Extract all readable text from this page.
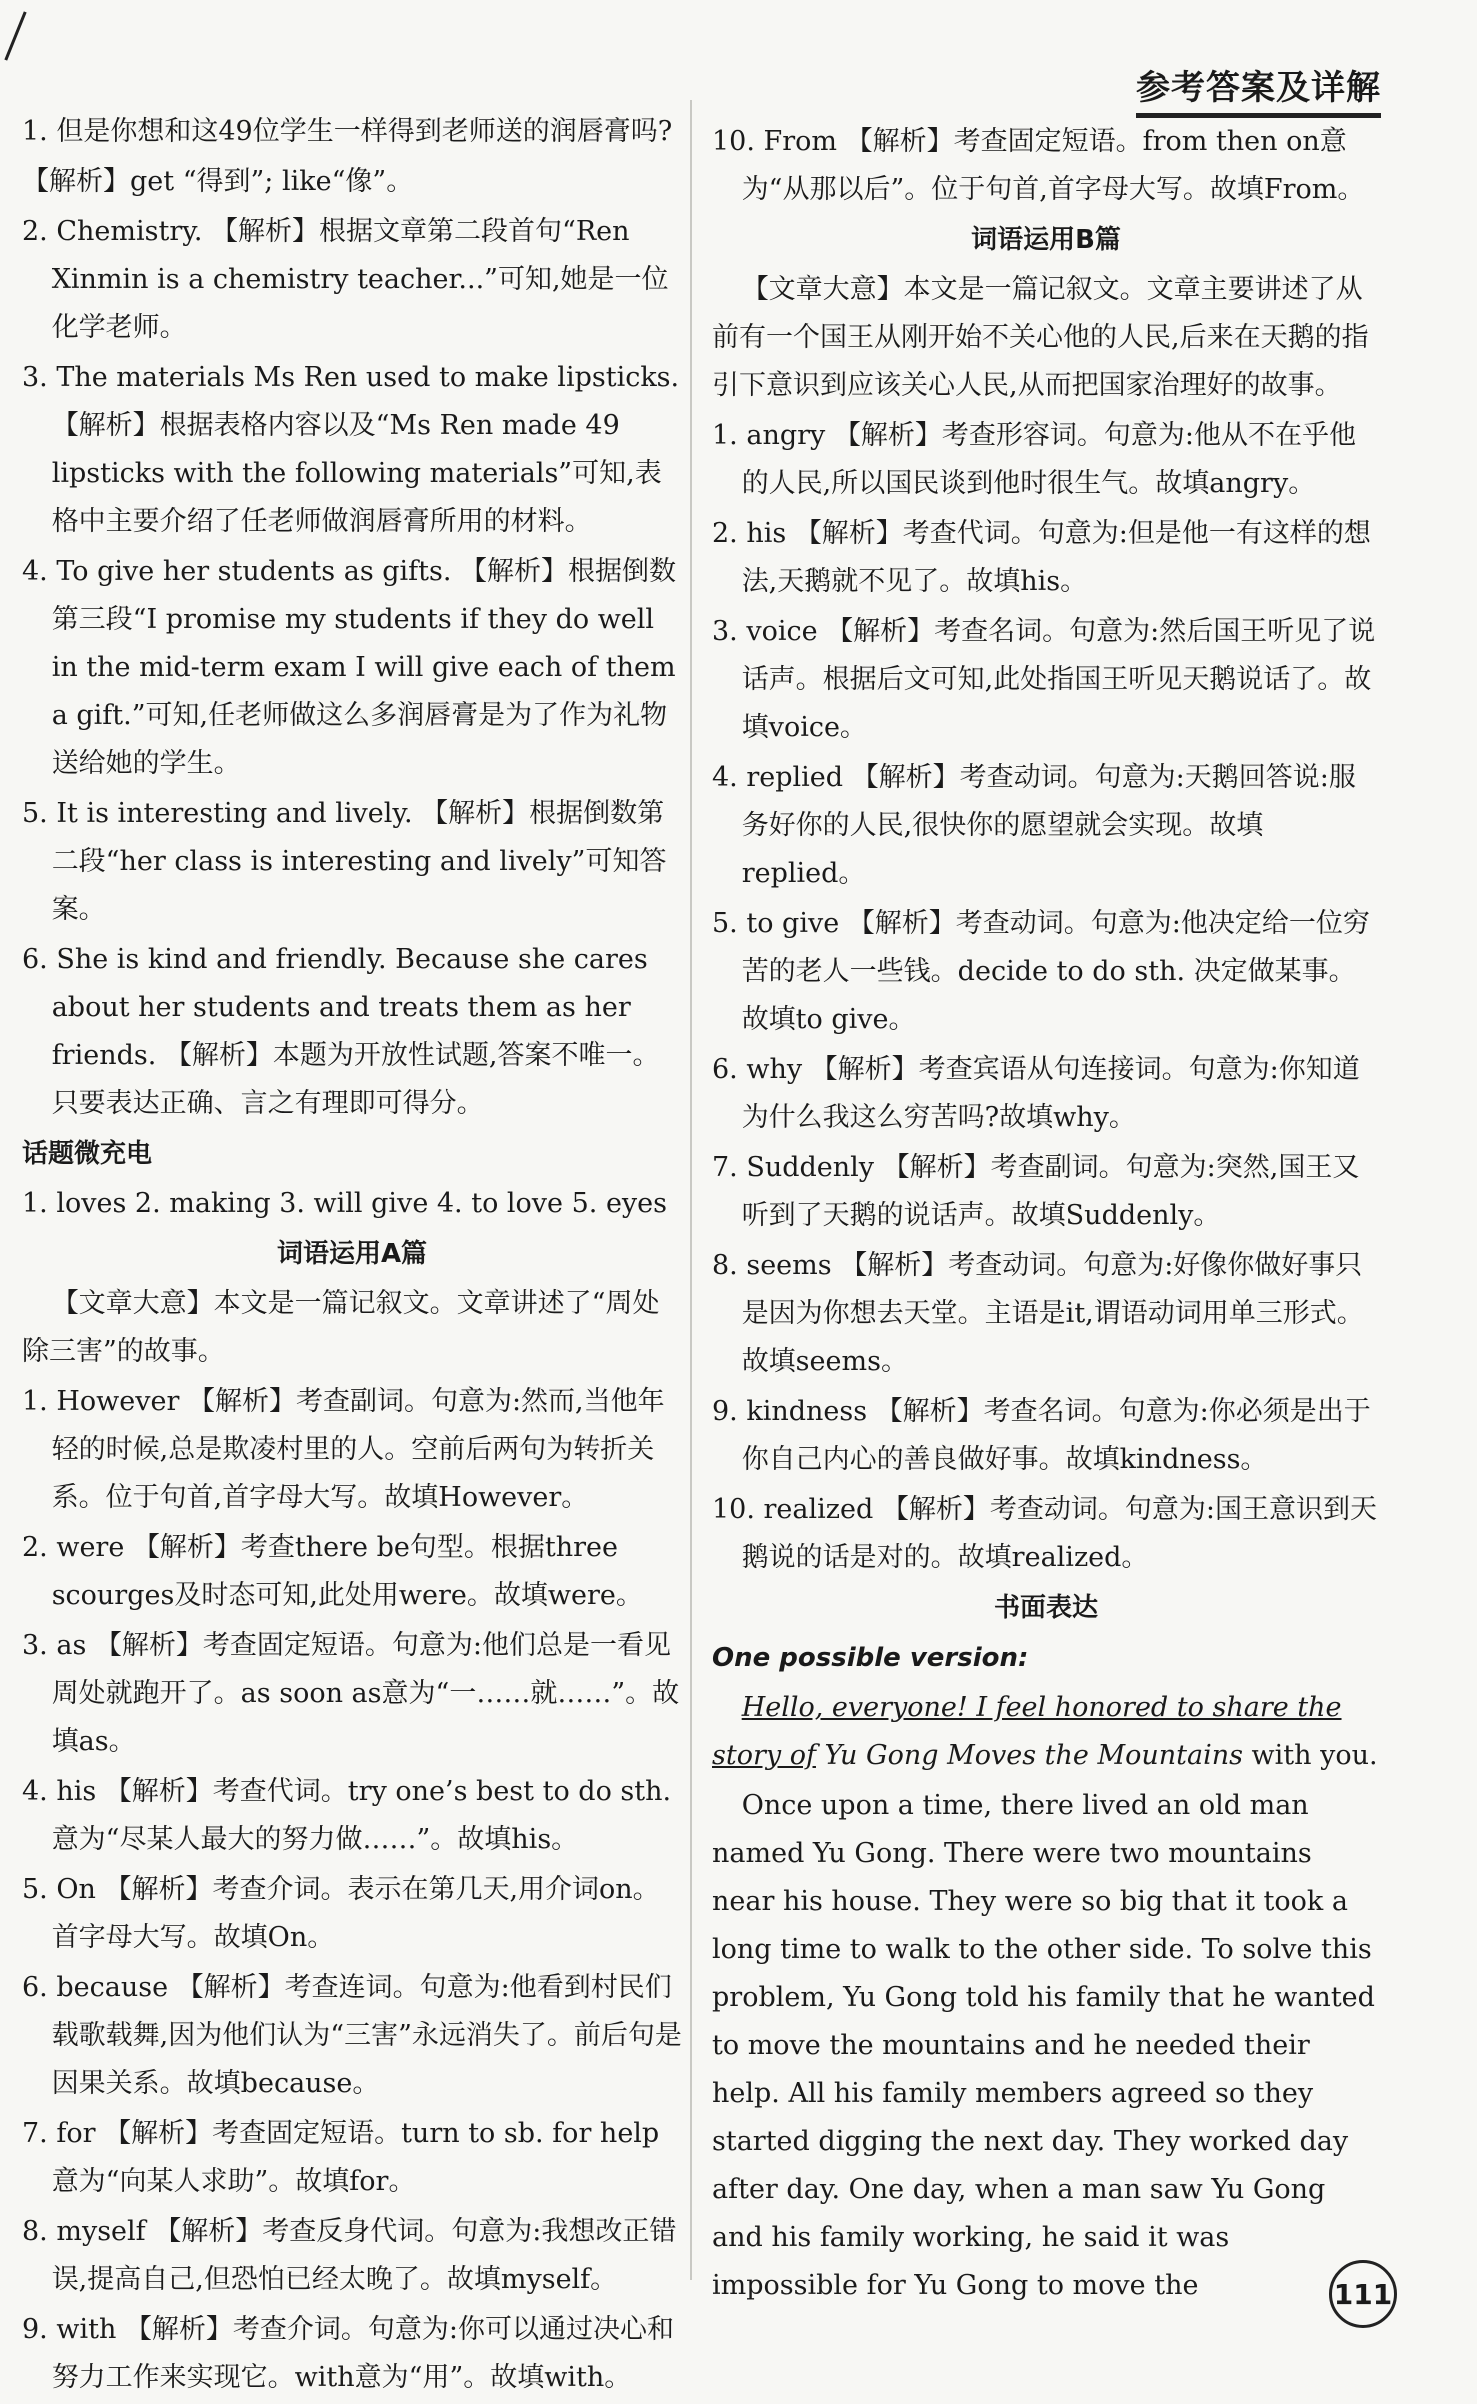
参考答案及详解

1. 但是你想和这49位学生一样得到老师送的润唇膏吗?

【解析】get “得到”; like“像”。

2. Chemistry. 【解析】根据文章第二段首句“Ren Xinmin is a chemistry teacher...”可知,她是一位化学老师。

3. The materials Ms Ren used to make lipsticks. 【解析】根据表格内容以及“Ms Ren made 49 lipsticks with the following materials”可知,表格中主要介绍了任老师做润唇膏所用的材料。

4. To give her students as gifts. 【解析】根据倒数第三段“I promise my students if they do well in the mid-term exam I will give each of them a gift.”可知,任老师做这么多润唇膏是为了作为礼物送给她的学生。

5. It is interesting and lively. 【解析】根据倒数第二段“her class is interesting and lively”可知答案。

6. She is kind and friendly. Because she cares about her students and treats them as her friends. 【解析】本题为开放性试题,答案不唯一。只要表达正确、言之有理即可得分。

话题微充电

1. loves 2. making 3. will give 4. to love 5. eyes

词语运用A篇

【文章大意】本文是一篇记叙文。文章讲述了“周处除三害”的故事。

1. However 【解析】考查副词。句意为:然而,当他年轻的时候,总是欺凌村里的人。空前后两句为转折关系。位于句首,首字母大写。故填However。

2. were 【解析】考查there be句型。根据three scourges及时态可知,此处用were。故填were。

3. as 【解析】考查固定短语。句意为:他们总是一看见周处就跑开了。as soon as意为“一……就……”。故填as。

4. his 【解析】考查代词。try one’s best to do sth. 意为“尽某人最大的努力做……”。故填his。

5. On 【解析】考查介词。表示在第几天,用介词on。首字母大写。故填On。

6. because 【解析】考查连词。句意为:他看到村民们载歌载舞,因为他们认为“三害”永远消失了。前后句是因果关系。故填because。

7. for 【解析】考查固定短语。turn to sb. for help意为“向某人求助”。故填for。

8. myself 【解析】考查反身代词。句意为:我想改正错误,提高自己,但恐怕已经太晚了。故填myself。

9. with 【解析】考查介词。句意为:你可以通过决心和努力工作来实现它。with意为“用”。故填with。

10. From 【解析】考查固定短语。from then on意为“从那以后”。位于句首,首字母大写。故填From。

词语运用B篇

【文章大意】本文是一篇记叙文。文章主要讲述了从前有一个国王从刚开始不关心他的人民,后来在天鹅的指引下意识到应该关心人民,从而把国家治理好的故事。

1. angry 【解析】考查形容词。句意为:他从不在乎他的人民,所以国民谈到他时很生气。故填angry。

2. his 【解析】考查代词。句意为:但是他一有这样的想法,天鹅就不见了。故填his。

3. voice 【解析】考查名词。句意为:然后国王听见了说话声。根据后文可知,此处指国王听见天鹅说话了。故填voice。

4. replied 【解析】考查动词。句意为:天鹅回答说:服务好你的人民,很快你的愿望就会实现。故填replied。

5. to give 【解析】考查动词。句意为:他决定给一位穷苦的老人一些钱。decide to do sth. 决定做某事。故填to give。

6. why 【解析】考查宾语从句连接词。句意为:你知道为什么我这么穷苦吗?故填why。

7. Suddenly 【解析】考查副词。句意为:突然,国王又听到了天鹅的说话声。故填Suddenly。

8. seems 【解析】考查动词。句意为:好像你做好事只是因为你想去天堂。主语是it,谓语动词用单三形式。故填seems。

9. kindness 【解析】考查名词。句意为:你必须是出于你自己内心的善良做好事。故填kindness。

10. realized 【解析】考查动词。句意为:国王意识到天鹅说的话是对的。故填realized。

书面表达

One possible version:

Hello, everyone! I feel honored to share the story of Yu Gong Moves the Mountains with you.

Once upon a time, there lived an old man named Yu Gong. There were two mountains near his house. They were so big that it took a long time to walk to the other side. To solve this problem, Yu Gong told his family that he wanted to move the mountains and he needed their help. All his family members agreed so they started digging the next day. They worked day after day. One day, when a man saw Yu Gong and his family working, he said it was impossible for Yu Gong to move the	111
